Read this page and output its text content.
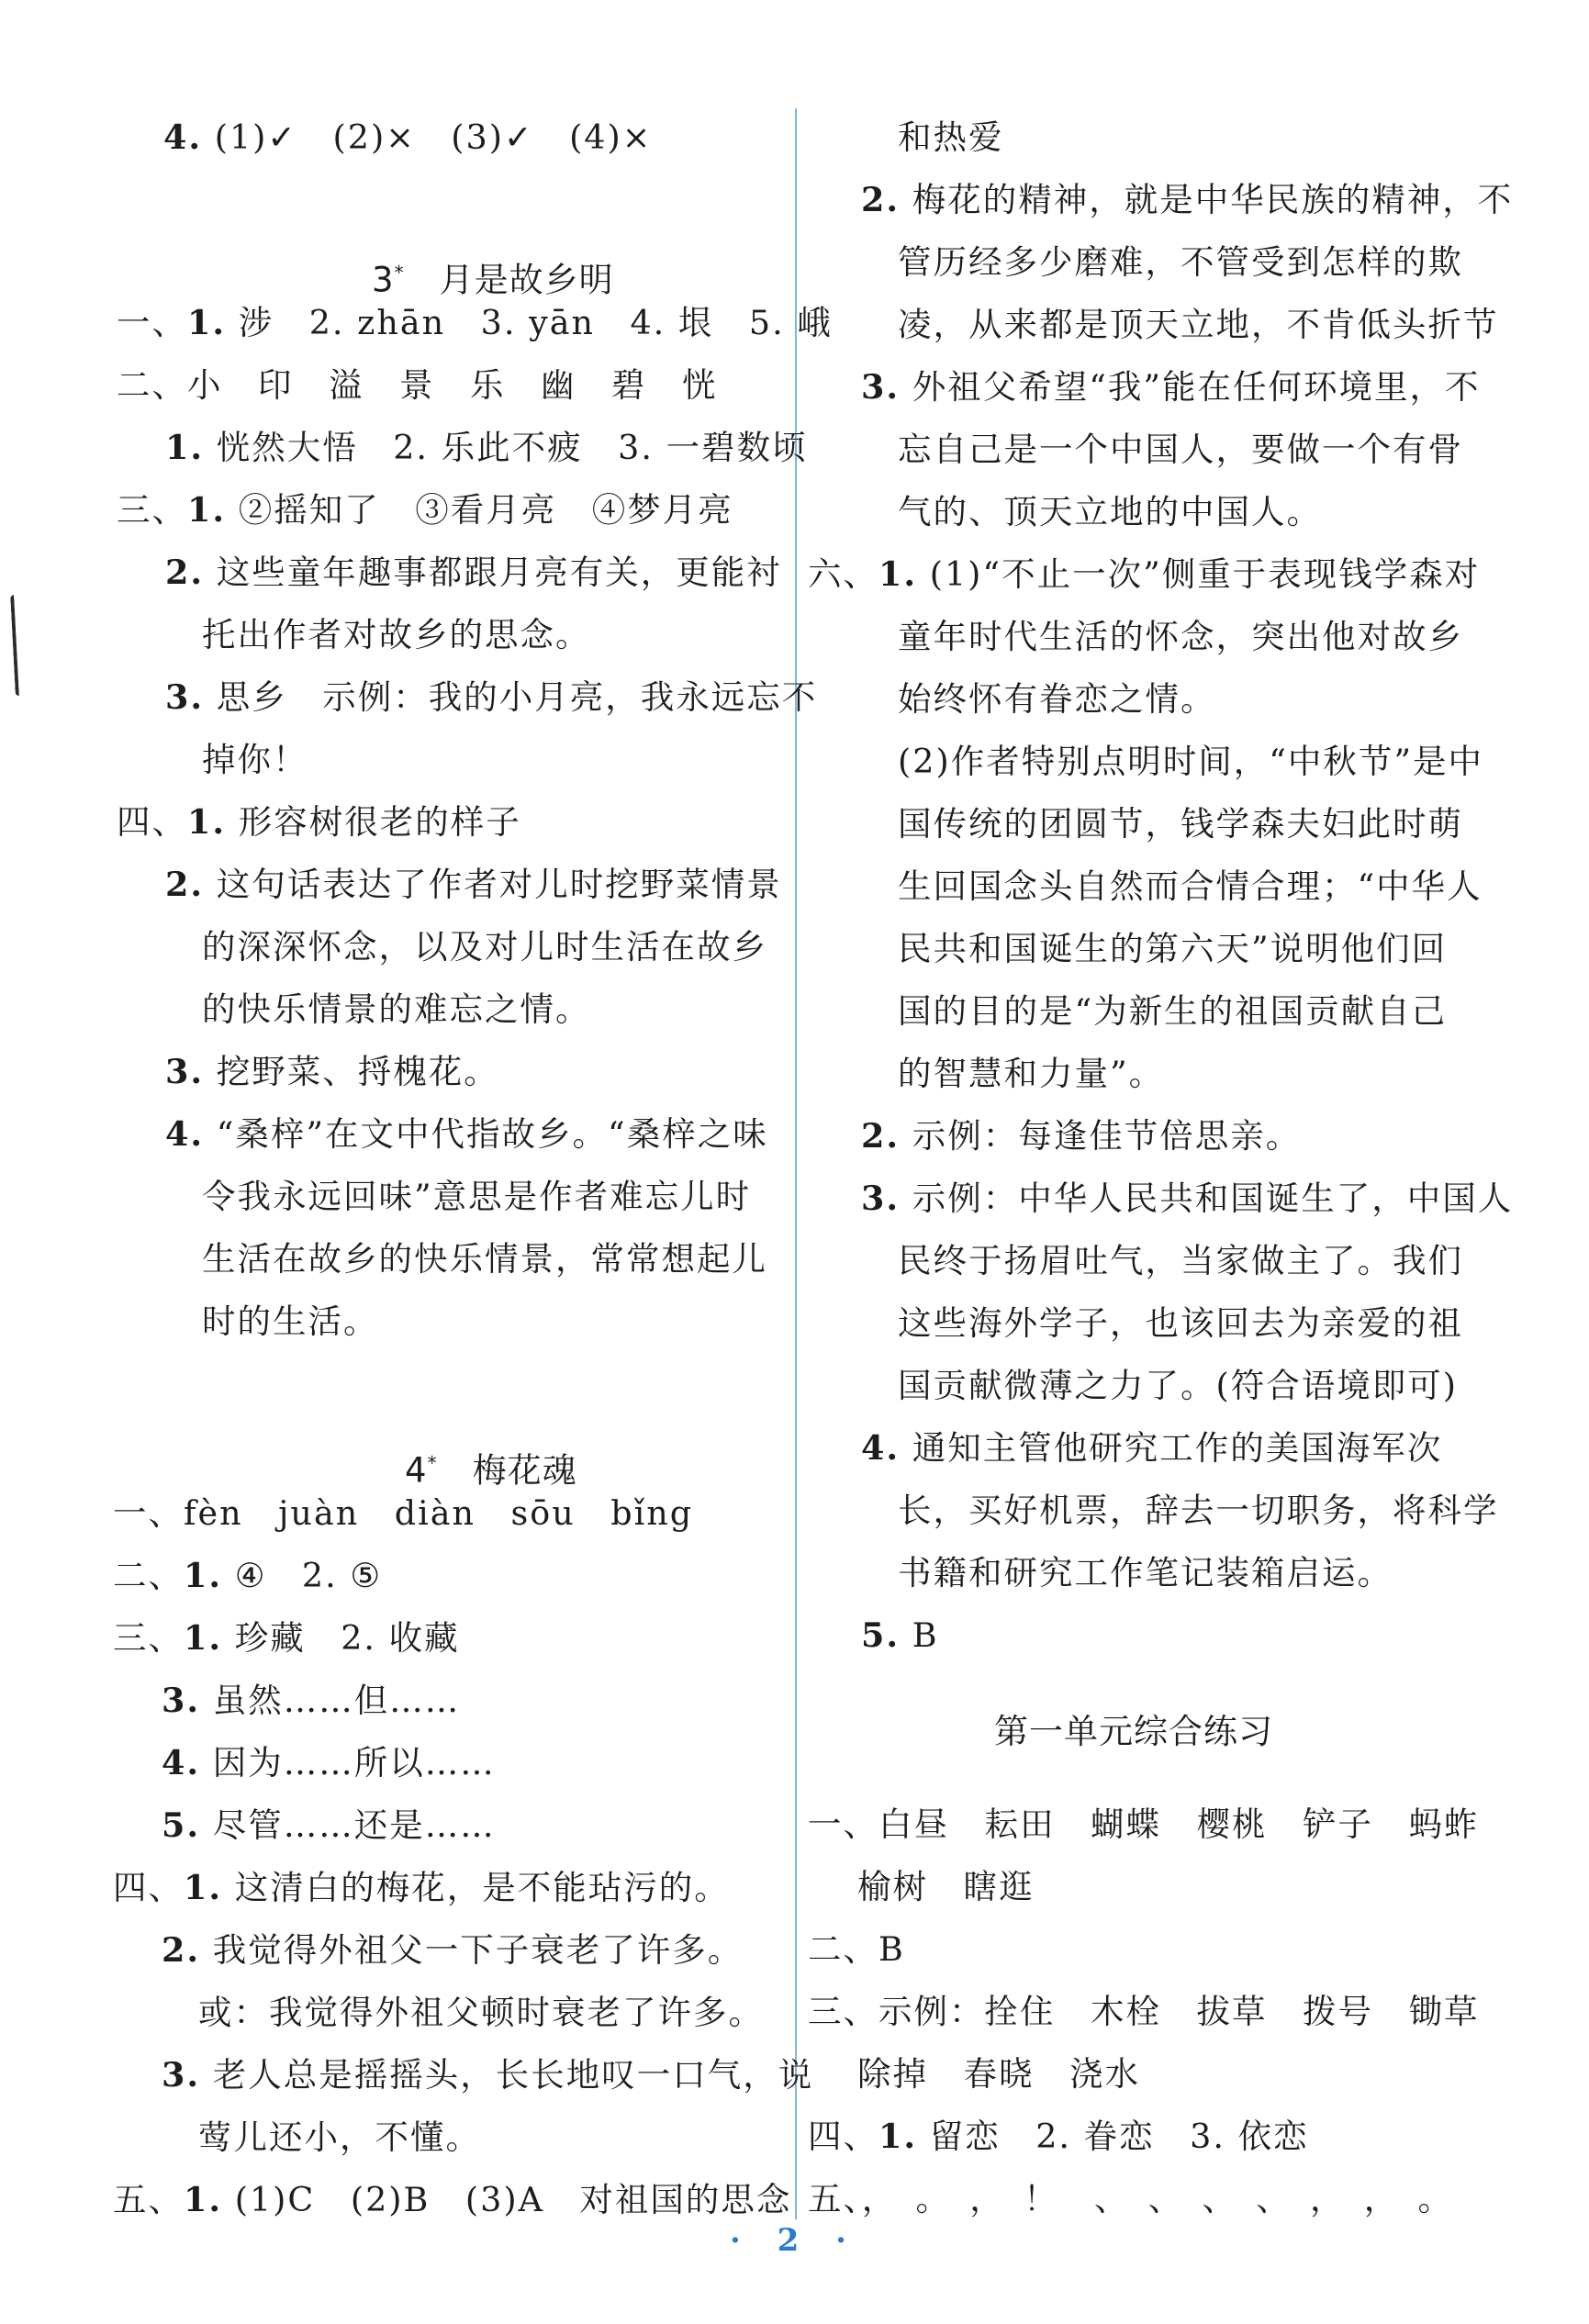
4. (1)✓　(2)×　(3)✓　(4)×

3*　 月是故乡明

一、1. 涉　2. zhān　3. yān　4. 垠　5. 峨
二、小　印　溢　景　乐　幽　碧　恍
1. 恍然大悟　2. 乐此不疲　3. 一碧数顷
三、1. ②摇知了　③看月亮　④梦月亮
2. 这些童年趣事都跟月亮有关，更能衬
托出作者对故乡的思念。
3. 思乡　示例：我的小月亮，我永远忘不
掉你！
四、1. 形容树很老的样子
2. 这句话表达了作者对儿时挖野菜情景
的深深怀念，以及对儿时生活在故乡
的快乐情景的难忘之情。
3. 挖野菜、捋槐花。
4. “桑梓”在文中代指故乡。“桑梓之味
令我永远回味”意思是作者难忘儿时
生活在故乡的快乐情景，常常想起儿
时的生活。

4*　 梅花魂

一、fèn　juàn　diàn　sōu　bǐng
二、1. ④　2. ⑤
三、1. 珍藏　2. 收藏
3. 虽然……但……
4. 因为……所以……
5. 尽管……还是……
四、1. 这清白的梅花，是不能玷污的。
2. 我觉得外祖父一下子衰老了许多。
或：我觉得外祖父顿时衰老了许多。
3. 老人总是摇摇头，长长地叹一口气，说
莺儿还小，不懂。
五、1. (1)C　(2)B　(3)A　对祖国的思念
和热爱
2. 梅花的精神，就是中华民族的精神，不
管历经多少磨难，不管受到怎样的欺
凌，从来都是顶天立地，不肯低头折节
3. 外祖父希望“我”能在任何环境里，不
忘自己是一个中国人，要做一个有骨
气的、顶天立地的中国人。
六、1. (1)“不止一次”侧重于表现钱学森对
童年时代生活的怀念，突出他对故乡
始终怀有眷恋之情。
(2)作者特别点明时间，“中秋节”是中
国传统的团圆节，钱学森夫妇此时萌
生回国念头自然而合情合理；“中华人
民共和国诞生的第六天”说明他们回
国的目的是“为新生的祖国贡献自己
的智慧和力量”。
2. 示例：每逢佳节倍思亲。
3. 示例：中华人民共和国诞生了，中国人
民终于扬眉吐气，当家做主了。我们
这些海外学子，也该回去为亲爱的祖
国贡献微薄之力了。(符合语境即可)
4. 通知主管他研究工作的美国海军次
长，买好机票，辞去一切职务，将科学
书籍和研究工作笔记装箱启运。
5. B
第一单元综合练习
一、白昼　耘田　蝴蝶　樱桃　铲子　蚂蚱
榆树　瞎逛
二、B
三、示例：拴住　木栓　拔草　拨号　锄草
除掉　春晓　浇水
四、1. 留恋　2. 眷恋　3. 依恋
五、，　。　，　！　、　、　、　、　，　，　。
· 2 ·
